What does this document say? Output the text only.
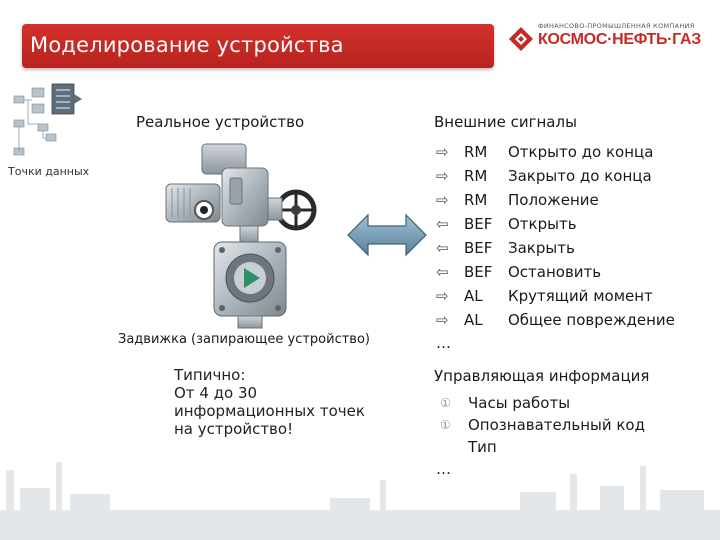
Моделирование устройства
ФИНАНСОВО-ПРОМЫШЛЕННАЯ КОМПАНИЯ
КОСМОС·НЕФТЬ·ГАЗ
Точки данных
Реальное устройство
Задвижка (запирающее устройство)
Типично:
От 4 до 30
информационных точек
на устройство!
Внешние сигналы
⇨	RM Открыто до конца
⇨	RM Закрыто до конца
⇨	RM Положение
⇦	BEF Открыть
⇦	BEF Закрыть
⇦	BEF Остановить
⇨	AL Крутящий момент
⇨	AL Общее повреждение
…
Управляющая информация
① Часы работы
① Опознавательный код
Тип
…
